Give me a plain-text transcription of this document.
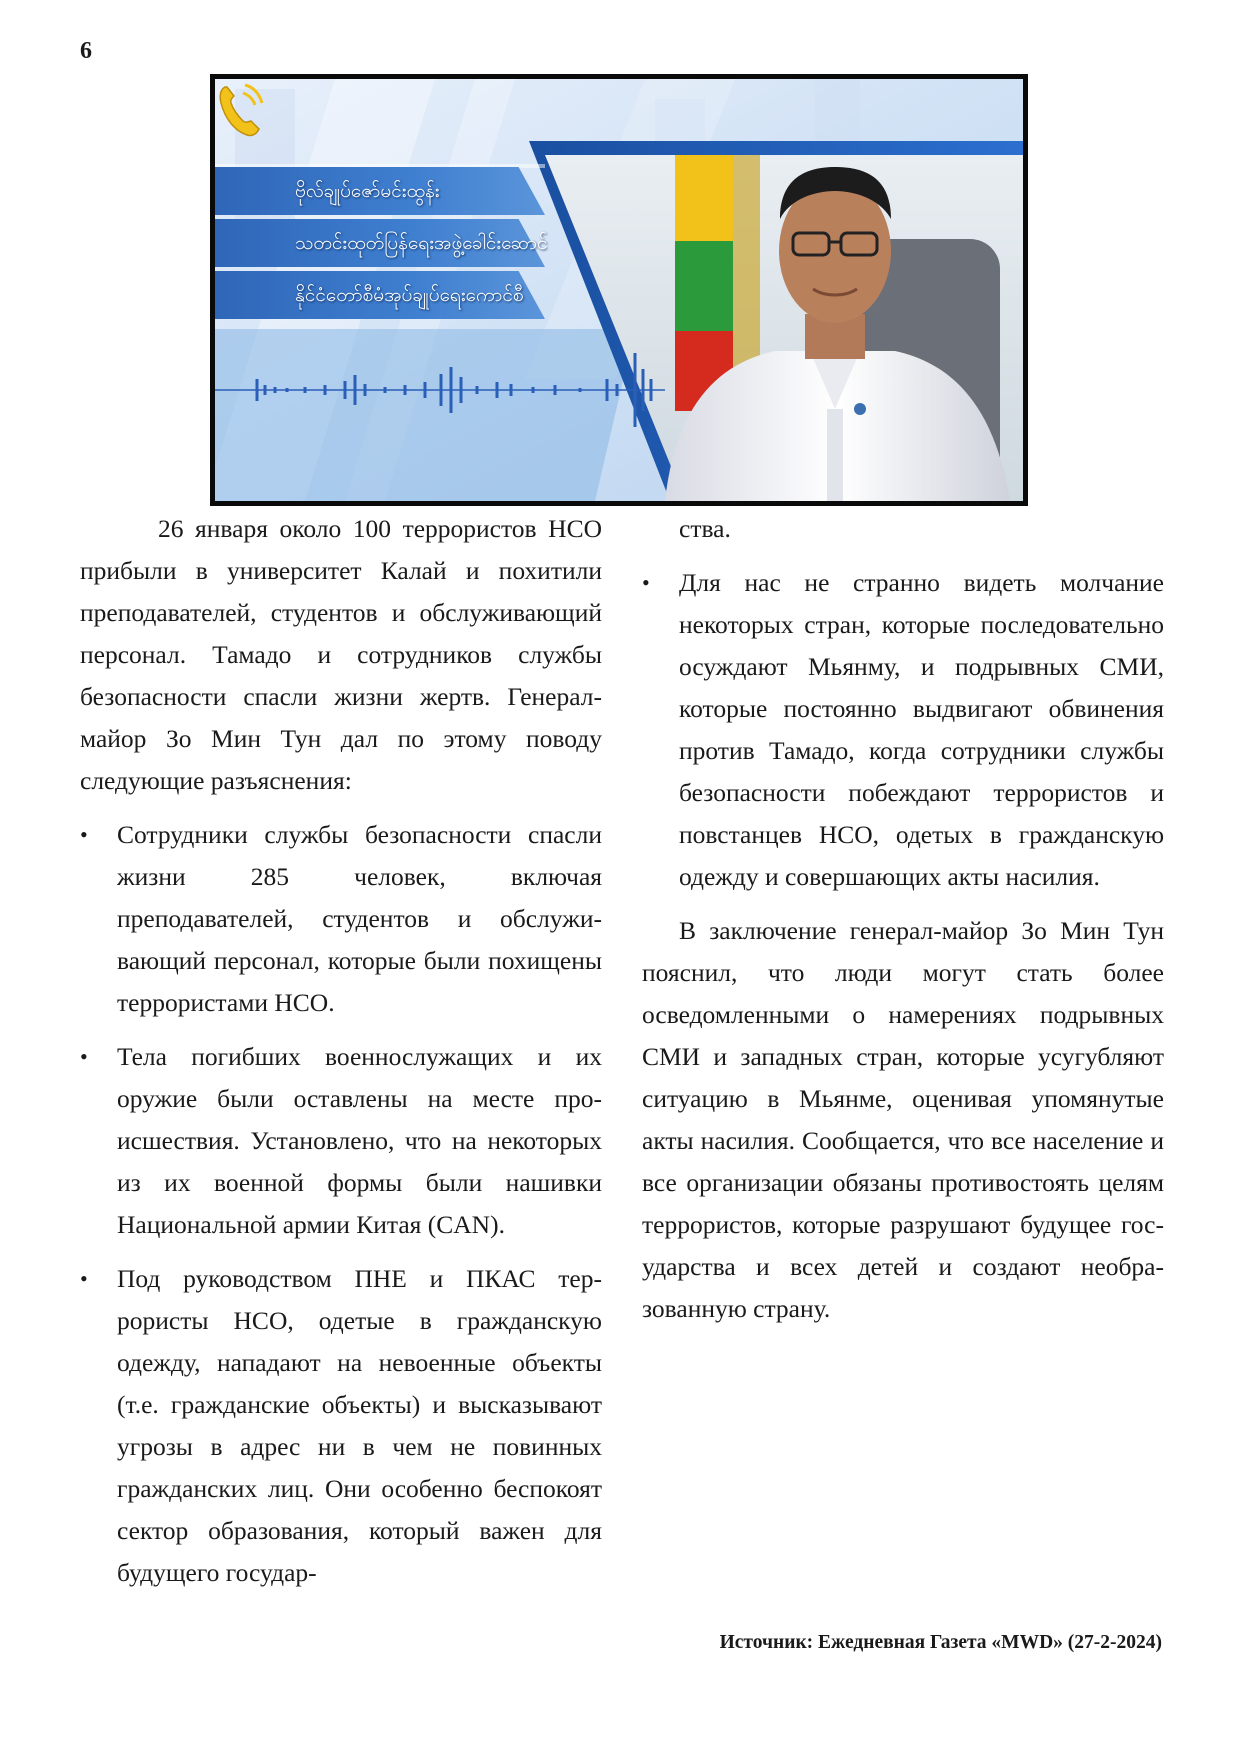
6
ဗိုလ်ချုပ်ဇော်မင်းထွန်း
သတင်းထုတ်ပြန်ရေးအဖွဲ့ခေါင်းဆောင်
နိုင်ငံတော်စီမံအုပ်ချုပ်ရေးကောင်စီ

26 января около 100 террористов НСО прибыли в университет Калай и похитили преподавателей, студентов и обслуживающий персонал. Тамадо и сотрудников службы безопасности спасли жизни жертв. Генерал-майор Зо Мин Тун дал по этому поводу следующие разъяснения:

• Сотрудники службы безопасности спасли жизни 285 человек, включая преподавателей, студентов и обслуживающий персонал, которые были похищены террористами НСО.
• Тела погибших военнослужащих и их оружие были оставлены на месте происшествия. Установлено, что на некоторых из их военной формы были нашивки Национальной армии Китая (CAN).
• Под руководством ПНЕ и ПКАС террористы НСО, одетые в гражданскую одежду, нападают на невоенные объекты (т.е. гражданские объекты) и высказывают угрозы в адрес ни в чем не повинных гражданских лиц. Они особенно беспокоят сектор образования, который важен для будущего государ-

ства.

• Для нас не странно видеть молчание некоторых стран, которые последовательно осуждают Мьянму, и подрывных СМИ, которые постоянно выдвигают обвинения против Тамадо, когда сотрудники службы безопасности побеждают террористов и повстанцев НСО, одетых в гражданскую одежду и совершающих акты насилия.

В заключение генерал-майор Зо Мин Тун пояснил, что люди могут стать более осведомленными о намерениях подрывных СМИ и западных стран, которые усугубляют ситуацию в Мьянме, оценивая упомянутые акты насилия. Сообщается, что все население и все организации обязаны противостоять целям террористов, которые разрушают будущее государства и всех детей и создают необразованную страну.

Источник: Ежедневная Газета «MWD» (27-2-2024)
